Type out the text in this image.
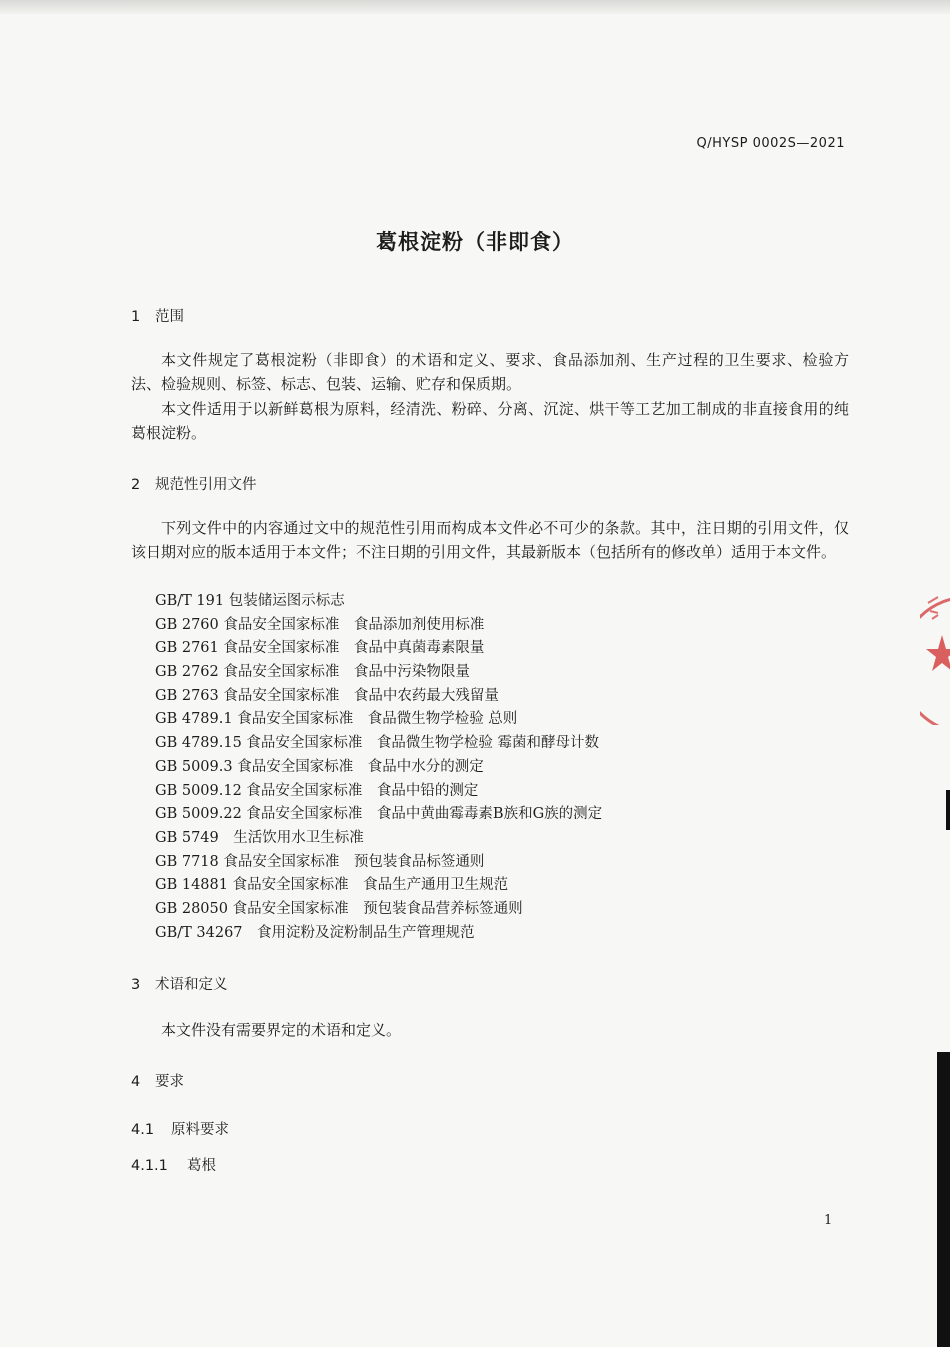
Q/HYSP 0002S—2021
葛根淀粉（非即食）
1 范围

本文件规定了葛根淀粉（非即食）的术语和定义、要求、食品添加剂、生产过程的卫生要求、检验方法、检验规则、标签、标志、包装、运输、贮存和保质期。

本文件适用于以新鲜葛根为原料，经清洗、粉碎、分离、沉淀、烘干等工艺加工制成的非直接食用的纯葛根淀粉。

2 规范性引用文件

下列文件中的内容通过文中的规范性引用而构成本文件必不可少的条款。其中，注日期的引用文件，仅该日期对应的版本适用于本文件；不注日期的引用文件，其最新版本（包括所有的修改单）适用于本文件。

GB/T 191 包装储运图示标志
GB 2760 食品安全国家标准　食品添加剂使用标准
GB 2761 食品安全国家标准　食品中真菌毒素限量
GB 2762 食品安全国家标准　食品中污染物限量
GB 2763 食品安全国家标准　食品中农药最大残留量
GB 4789.1 食品安全国家标准　食品微生物学检验 总则
GB 4789.15 食品安全国家标准　食品微生物学检验 霉菌和酵母计数
GB 5009.3 食品安全国家标准　食品中水分的测定
GB 5009.12 食品安全国家标准　食品中铅的测定
GB 5009.22 食品安全国家标准　食品中黄曲霉毒素B族和G族的测定
GB 5749　生活饮用水卫生标准
GB 7718 食品安全国家标准　预包装食品标签通则
GB 14881 食品安全国家标准　食品生产通用卫生规范
GB 28050 食品安全国家标准　预包装食品营养标签通则
GB/T 34267　食用淀粉及淀粉制品生产管理规范
3 术语和定义

本文件没有需要界定的术语和定义。

4 要求
4.1 原料要求
4.1.1 葛根
1
